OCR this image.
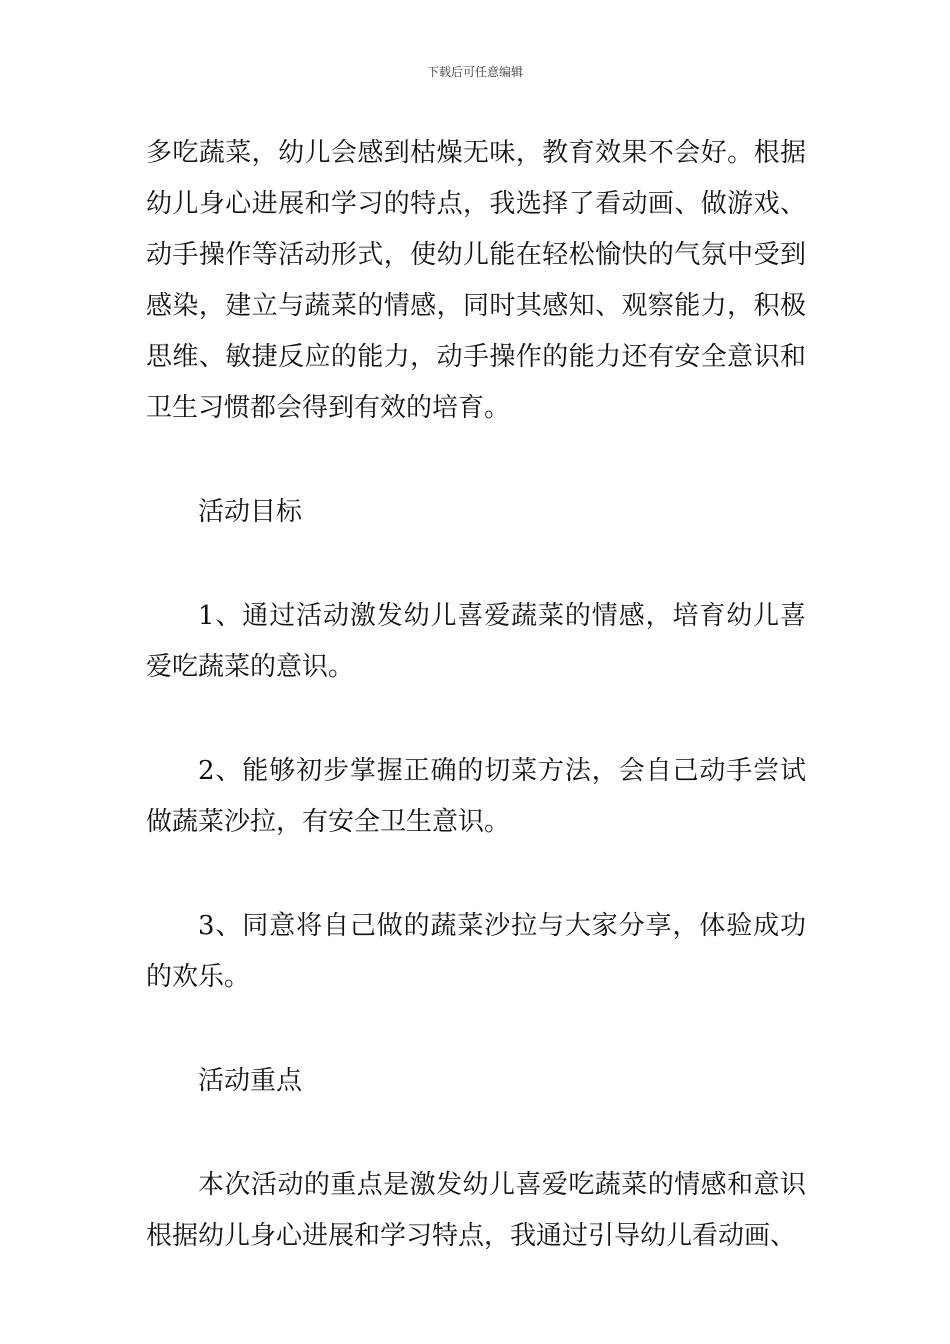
下载后可任意编辑

多吃蔬菜，幼儿会感到枯燥无味，教育效果不会好。根据幼儿身心进展和学习的特点，我选择了看动画、做游戏、动手操作等活动形式，使幼儿能在轻松愉快的气氛中受到感染，建立与蔬菜的情感，同时其感知、观察能力，积极思维、敏捷反应的能力，动手操作的能力还有安全意识和卫生习惯都会得到有效的培育。

活动目标

1、通过活动激发幼儿喜爱蔬菜的情感，培育幼儿喜爱吃蔬菜的意识。

2、能够初步掌握正确的切菜方法，会自己动手尝试做蔬菜沙拉，有安全卫生意识。

3、同意将自己做的蔬菜沙拉与大家分享，体验成功的欢乐。

活动重点

本次活动的重点是激发幼儿喜爱吃蔬菜的情感和意识根据幼儿身心进展和学习特点，我通过引导幼儿看动画、
